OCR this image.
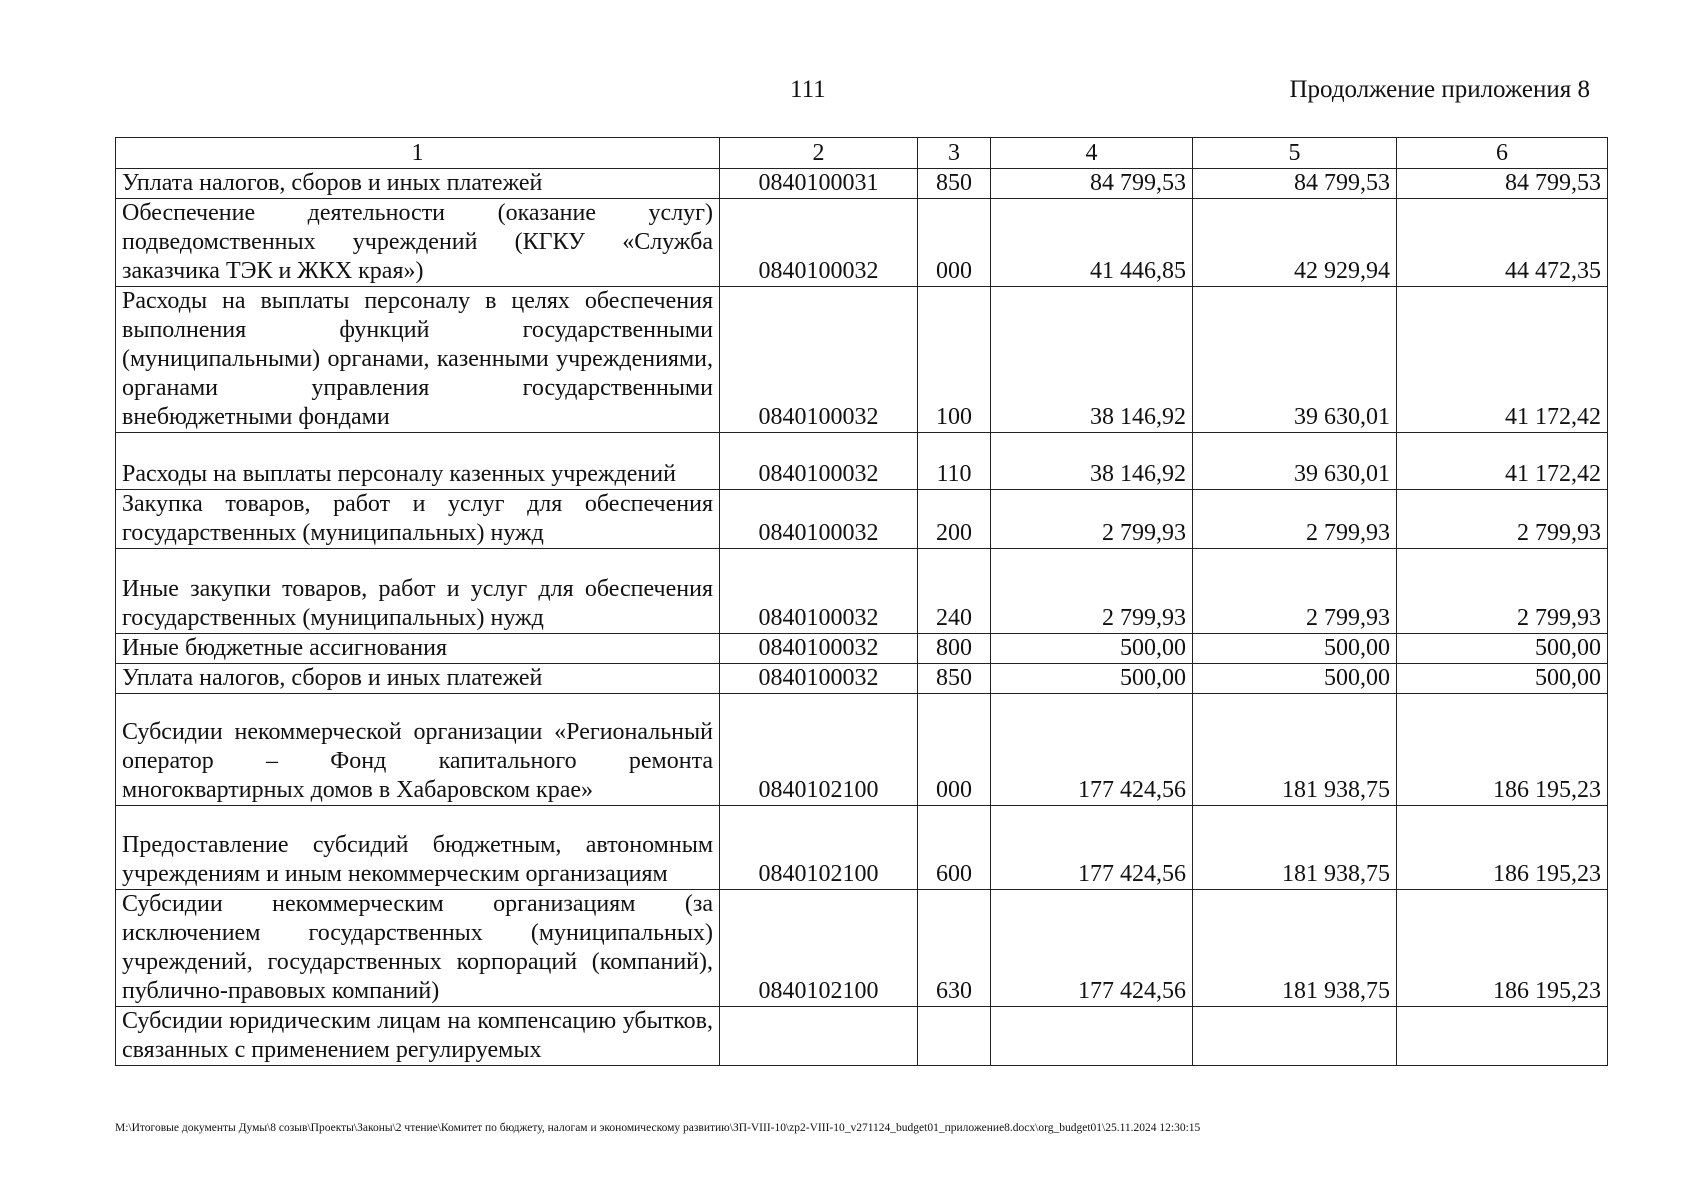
111	Продолжение приложения 8
1	2	3	4	5	6
Уплата налогов, сборов и иных платежей	0840100031	850	84 799,53	84 799,53	84 799,53
Обеспечение деятельности (оказание услуг) подведомственных учреждений (КГКУ «Служба заказчика ТЭК и ЖКХ края»)	0840100032	000	41 446,85	42 929,94	44 472,35
Расходы на выплаты персоналу в целях обеспечения выполнения функций государственными (муниципальными) органами, казенными учреждениями, органами управления государственными внебюджетными фондами	0840100032	100	38 146,92	39 630,01	41 172,42
Расходы на выплаты персоналу казенных учреждений	0840100032	110	38 146,92	39 630,01	41 172,42
Закупка товаров, работ и услуг для обеспечения государственных (муниципальных) нужд	0840100032	200	2 799,93	2 799,93	2 799,93
Иные закупки товаров, работ и услуг для обеспечения государственных (муниципальных) нужд	0840100032	240	2 799,93	2 799,93	2 799,93
Иные бюджетные ассигнования	0840100032	800	500,00	500,00	500,00
Уплата налогов, сборов и иных платежей	0840100032	850	500,00	500,00	500,00
Субсидии некоммерческой организации «Региональный оператор – Фонд капитального ремонта многоквартирных домов в Хабаровском крае»	0840102100	000	177 424,56	181 938,75	186 195,23
Предоставление субсидий бюджетным, автономным учреждениям и иным некоммерческим организациям	0840102100	600	177 424,56	181 938,75	186 195,23
Субсидии некоммерческим организациям (за исключением государственных (муниципальных) учреждений, государственных корпораций (компаний), публично-правовых компаний)	0840102100	630	177 424,56	181 938,75	186 195,23
Субсидии юридическим лицам на компенсацию убытков, связанных с применением регулируемых					
M:\Итоговые документы Думы\8 созыв\Проекты\Законы\2 чтение\Комитет по бюджету, налогам и экономическому развитию\ЗП-VIII-10\zp2-VIII-10_v271124_budget01_приложение8.docx\org_budget01\25.11.2024 12:30:15
